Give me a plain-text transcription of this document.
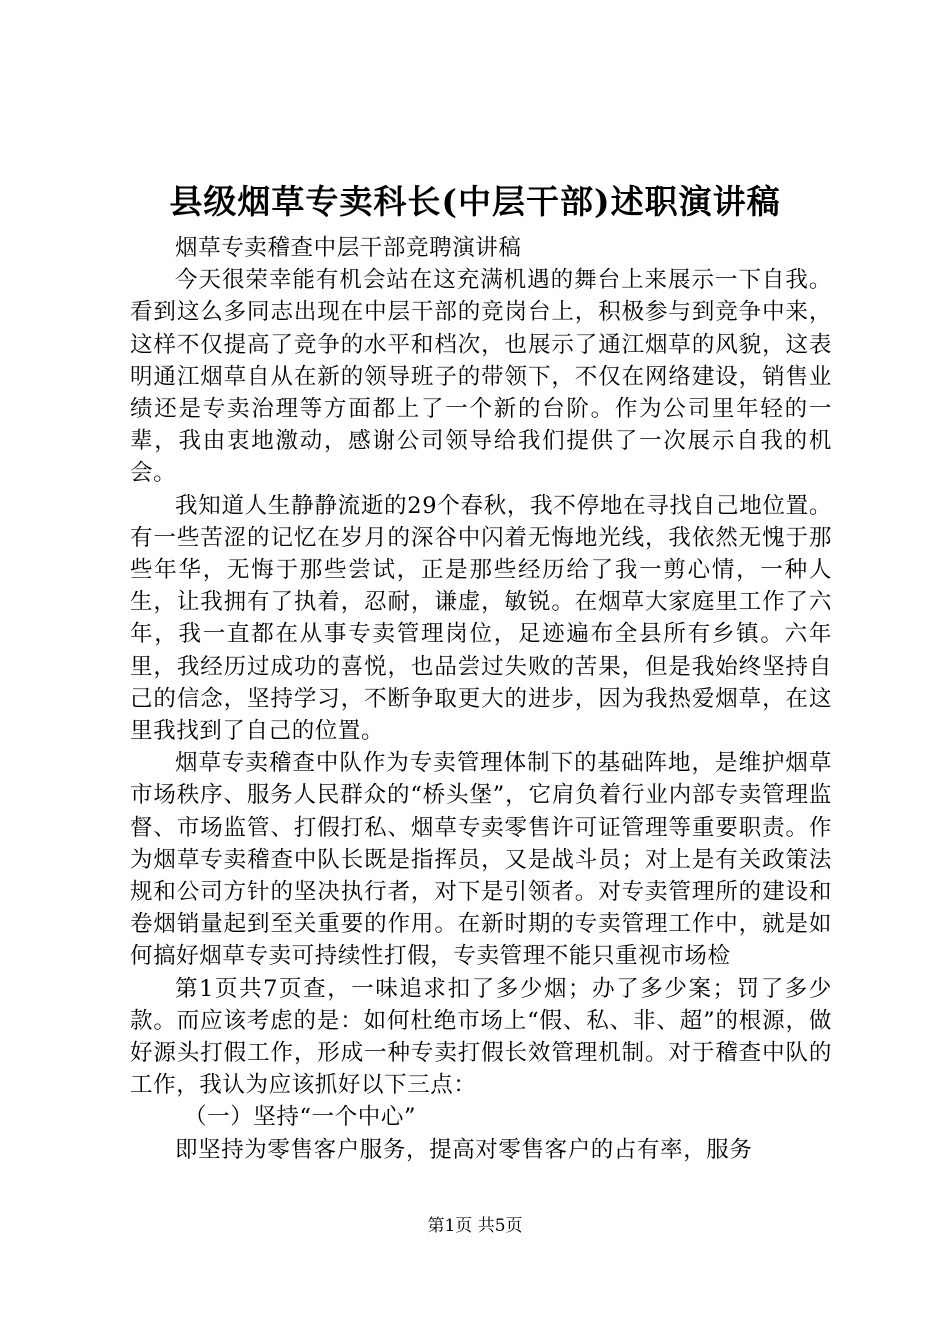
县级烟草专卖科长(中层干部)述职演讲稿

烟草专卖稽查中层干部竞聘演讲稿

今天很荣幸能有机会站在这充满机遇的舞台上来展示一下自我。看到这么多同志出现在中层干部的竞岗台上，积极参与到竞争中来，这样不仅提高了竞争的水平和档次，也展示了通江烟草的风貌，这表明通江烟草自从在新的领导班子的带领下，不仅在网络建设，销售业绩还是专卖治理等方面都上了一个新的台阶。作为公司里年轻的一辈，我由衷地激动，感谢公司领导给我们提供了一次展示自我的机会。

我知道人生静静流逝的29个春秋，我不停地在寻找自己地位置。有一些苦涩的记忆在岁月的深谷中闪着无悔地光线，我依然无愧于那些年华，无悔于那些尝试，正是那些经历给了我一剪心情，一种人生，让我拥有了执着，忍耐，谦虚，敏锐。在烟草大家庭里工作了六年，我一直都在从事专卖管理岗位，足迹遍布全县所有乡镇。六年里，我经历过成功的喜悦，也品尝过失败的苦果，但是我始终坚持自己的信念，坚持学习，不断争取更大的进步，因为我热爱烟草，在这里我找到了自己的位置。

烟草专卖稽查中队作为专卖管理体制下的基础阵地，是维护烟草市场秩序、服务人民群众的“桥头堡”，它肩负着行业内部专卖管理监督、市场监管、打假打私、烟草专卖零售许可证管理等重要职责。作为烟草专卖稽查中队长既是指挥员，又是战斗员；对上是有关政策法规和公司方针的坚决执行者，对下是引领者。对专卖管理所的建设和卷烟销量起到至关重要的作用。在新时期的专卖管理工作中，就是如何搞好烟草专卖可持续性打假，专卖管理不能只重视市场检

第1页共7页查，一味追求扣了多少烟；办了多少案；罚了多少款。而应该考虑的是：如何杜绝市场上“假、私、非、超”的根源，做好源头打假工作，形成一种专卖打假长效管理机制。对于稽查中队的工作，我认为应该抓好以下三点：

（一）坚持“一个中心”

即坚持为零售客户服务，提高对零售客户的占有率，服务

第1页 共5页
